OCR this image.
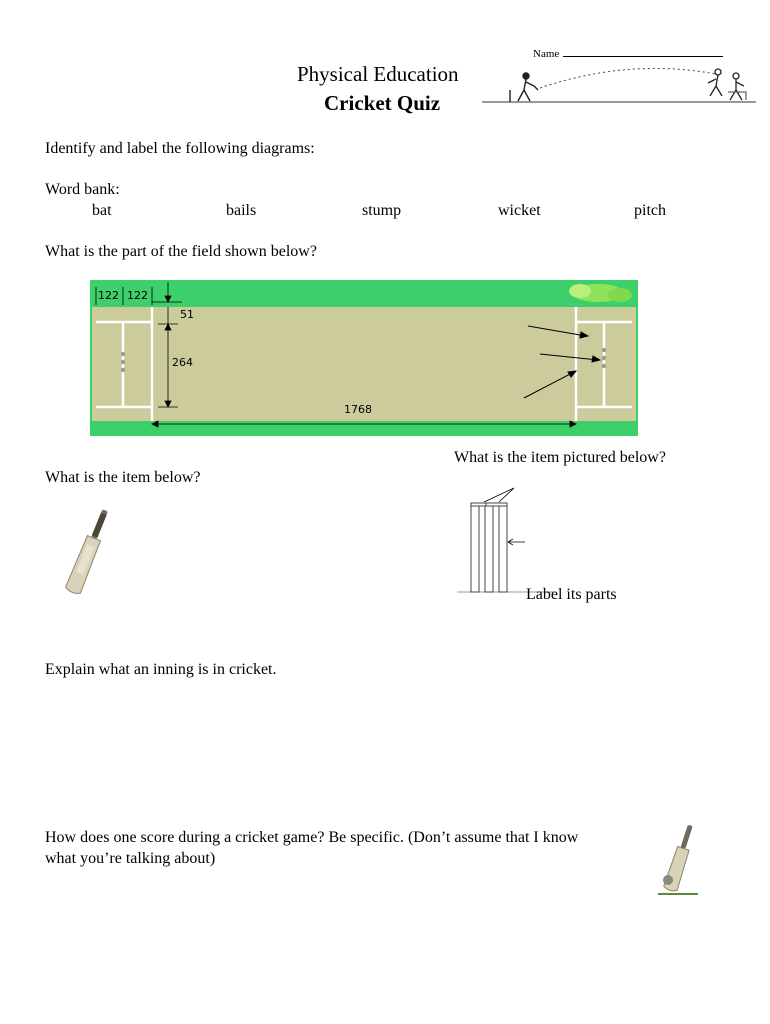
Name
Physical Education
Cricket Quiz
Identify and label the following diagrams:
Word bank:
bat	bails	stump	wicket	pitch
What is the part of the field shown below?
122 122
51
264
1768
What is the item pictured below?
What is the item below?
Label its parts
Explain what an inning is in cricket.
How does one score during a cricket game? Be specific. (Don’t assume that I know
what you’re talking about)
